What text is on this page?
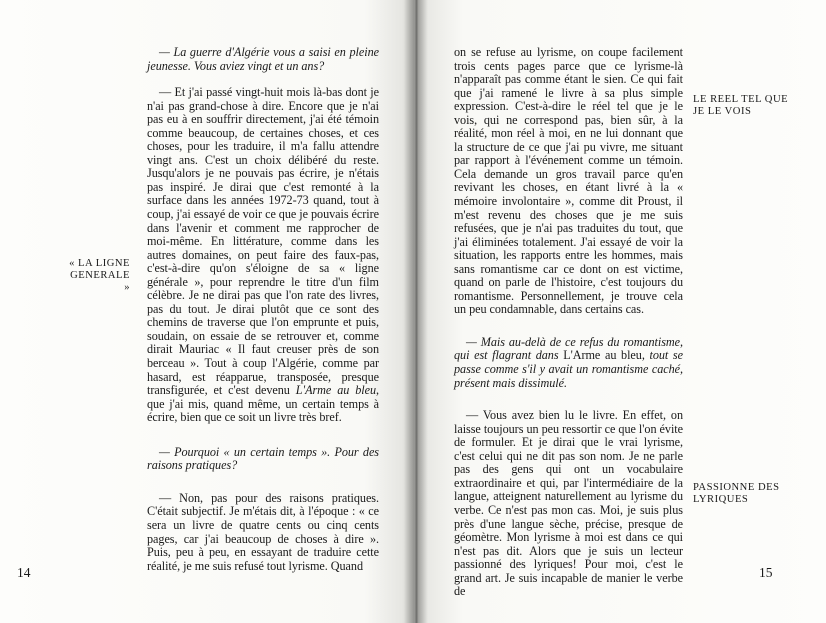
« LA LIGNE GENERALE »

— La guerre d'Algérie vous a saisi en pleine jeunesse. Vous aviez vingt et un ans?

— Et j'ai passé vingt-huit mois là-bas dont je n'ai pas grand-chose à dire. Encore que je n'ai pas eu à en souffrir directement, j'ai été témoin comme beaucoup, de certaines choses, et ces choses, pour les traduire, il m'a fallu attendre vingt ans. C'est un choix délibéré du reste. Jusqu'alors je ne pouvais pas écrire, je n'étais pas inspiré. Je dirai que c'est remonté à la surface dans les années 1972-73 quand, tout à coup, j'ai essayé de voir ce que je pouvais écrire dans l'avenir et comment me rapprocher de moi-même. En littérature, comme dans les autres domaines, on peut faire des faux-pas, c'est-à-dire qu'on s'éloigne de sa « ligne générale », pour reprendre le titre d'un film célèbre. Je ne dirai pas que l'on rate des livres, pas du tout. Je dirai plutôt que ce sont des chemins de traverse que l'on emprunte et puis, soudain, on essaie de se retrouver et, comme dirait Mauriac « Il faut creuser près de son berceau ». Tout à coup l'Algérie, comme par hasard, est réapparue, transposée, presque transfigurée, et c'est devenu L'Arme au bleu, que j'ai mis, quand même, un certain temps à écrire, bien que ce soit un livre très bref.

— Pourquoi « un certain temps ». Pour des raisons pratiques?

— Non, pas pour des raisons pratiques. C'était subjectif. Je m'étais dit, à l'époque : « ce sera un livre de quatre cents ou cinq cents pages, car j'ai beaucoup de choses à dire ». Puis, peu à peu, en essayant de traduire cette réalité, je me suis refusé tout lyrisme. Quand

14

on se refuse au lyrisme, on coupe facilement trois cents pages parce que ce lyrisme-là n'apparaît pas comme étant le sien. Ce qui fait que j'ai ramené le livre à sa plus simple expression. C'est-à-dire le réel tel que je le vois, qui ne correspond pas, bien sûr, à la réalité, mon réel à moi, en ne lui donnant que la structure de ce que j'ai pu vivre, me situant par rapport à l'événement comme un témoin. Cela demande un gros travail parce qu'en revivant les choses, en étant livré à la « mémoire involontaire », comme dit Proust, il m'est revenu des choses que je me suis refusées, que je n'ai pas traduites du tout, que j'ai éliminées totalement. J'ai essayé de voir la situation, les rapports entre les hommes, mais sans romantisme car ce dont on est victime, quand on parle de l'histoire, c'est toujours du romantisme. Personnellement, je trouve cela un peu condamnable, dans certains cas.

— Mais au-delà de ce refus du romantisme, qui est flagrant dans L'Arme au bleu, tout se passe comme s'il y avait un romantisme caché, présent mais dissimulé.

— Vous avez bien lu le livre. En effet, on laisse toujours un peu ressortir ce que l'on évite de formuler. Et je dirai que le vrai lyrisme, c'est celui qui ne dit pas son nom. Je ne parle pas des gens qui ont un vocabulaire extraordinaire et qui, par l'intermédiaire de la langue, atteignent naturellement au lyrisme du verbe. Ce n'est pas mon cas. Moi, je suis plus près d'une langue sèche, précise, presque de géomètre. Mon lyrisme à moi est dans ce qui n'est pas dit. Alors que je suis un lecteur passionné des lyriques! Pour moi, c'est le grand art. Je suis incapable de manier le verbe de

LE REEL TEL QUE JE LE VOIS
PASSIONNE DES LYRIQUES
15
